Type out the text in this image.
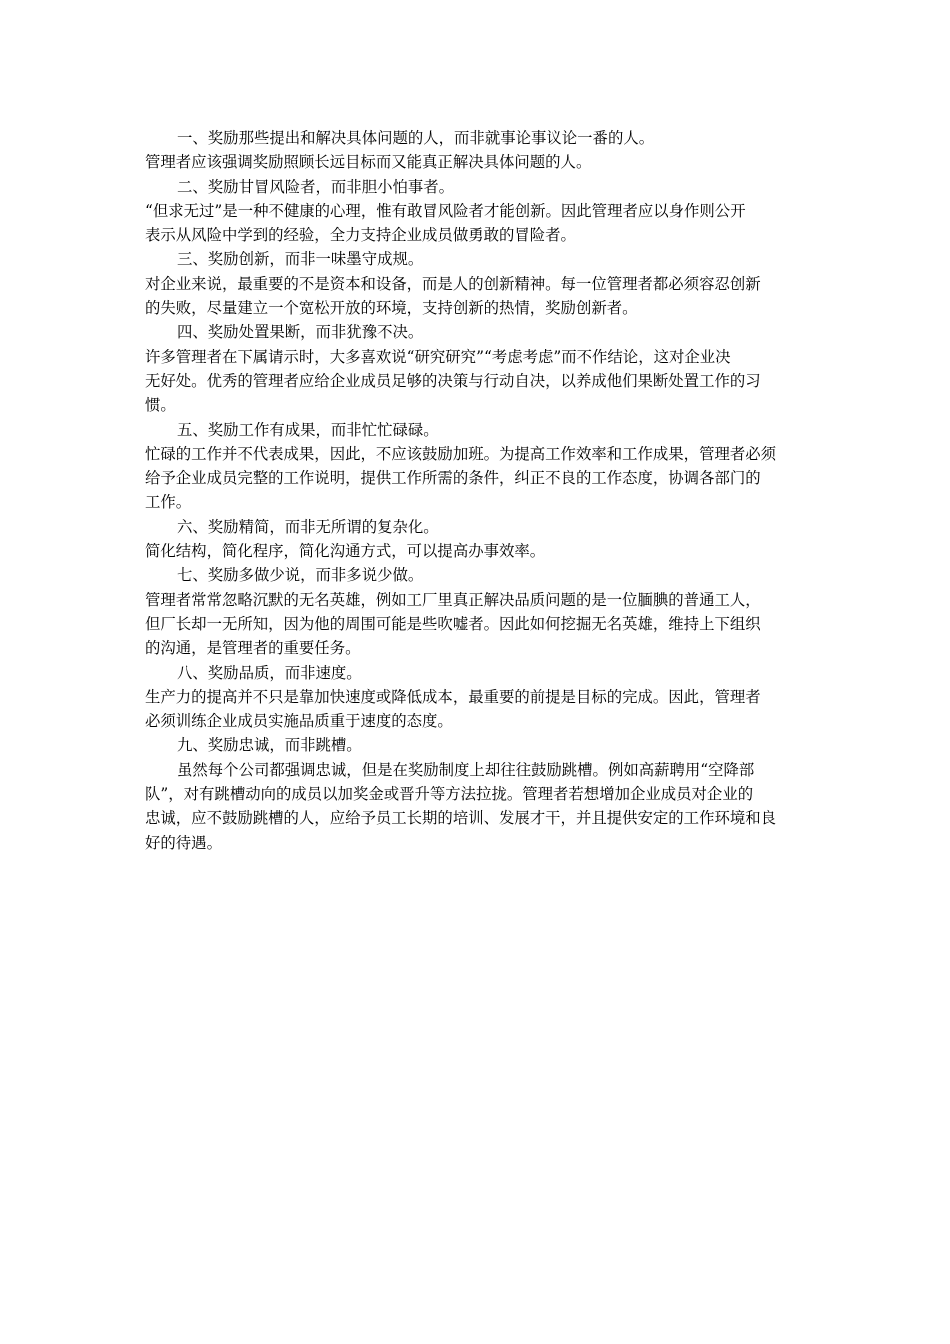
一、奖励那些提出和解决具体问题的人，而非就事论事议论一番的人。
管理者应该强调奖励照顾长远目标而又能真正解决具体问题的人。
二、奖励甘冒风险者，而非胆小怕事者。
“但求无过”是一种不健康的心理，惟有敢冒风险者才能创新。因此管理者应以身作则公开
表示从风险中学到的经验，全力支持企业成员做勇敢的冒险者。
三、奖励创新，而非一味墨守成规。
对企业来说，最重要的不是资本和设备，而是人的创新精神。每一位管理者都必须容忍创新
的失败，尽量建立一个宽松开放的环境，支持创新的热情，奖励创新者。
四、奖励处置果断，而非犹豫不决。
许多管理者在下属请示时，大多喜欢说“研究研究”“考虑考虑”而不作结论，这对企业决
无好处。优秀的管理者应给企业成员足够的决策与行动自决，以养成他们果断处置工作的习
惯。
五、奖励工作有成果，而非忙忙碌碌。
忙碌的工作并不代表成果，因此，不应该鼓励加班。为提高工作效率和工作成果，管理者必须
给予企业成员完整的工作说明，提供工作所需的条件，纠正不良的工作态度，协调各部门的
工作。
六、奖励精简，而非无所谓的复杂化。
简化结构，简化程序，简化沟通方式，可以提高办事效率。
七、奖励多做少说，而非多说少做。
管理者常常忽略沉默的无名英雄，例如工厂里真正解决品质问题的是一位腼腆的普通工人，
但厂长却一无所知，因为他的周围可能是些吹嘘者。因此如何挖掘无名英雄，维持上下组织
的沟通，是管理者的重要任务。
八、奖励品质，而非速度。
生产力的提高并不只是靠加快速度或降低成本，最重要的前提是目标的完成。因此，管理者
必须训练企业成员实施品质重于速度的态度。
九、奖励忠诚，而非跳槽。
虽然每个公司都强调忠诚，但是在奖励制度上却往往鼓励跳槽。例如高薪聘用“空降部
队”，对有跳槽动向的成员以加奖金或晋升等方法拉拢。管理者若想增加企业成员对企业的
忠诚，应不鼓励跳槽的人，应给予员工长期的培训、发展才干，并且提供安定的工作环境和良
好的待遇。
